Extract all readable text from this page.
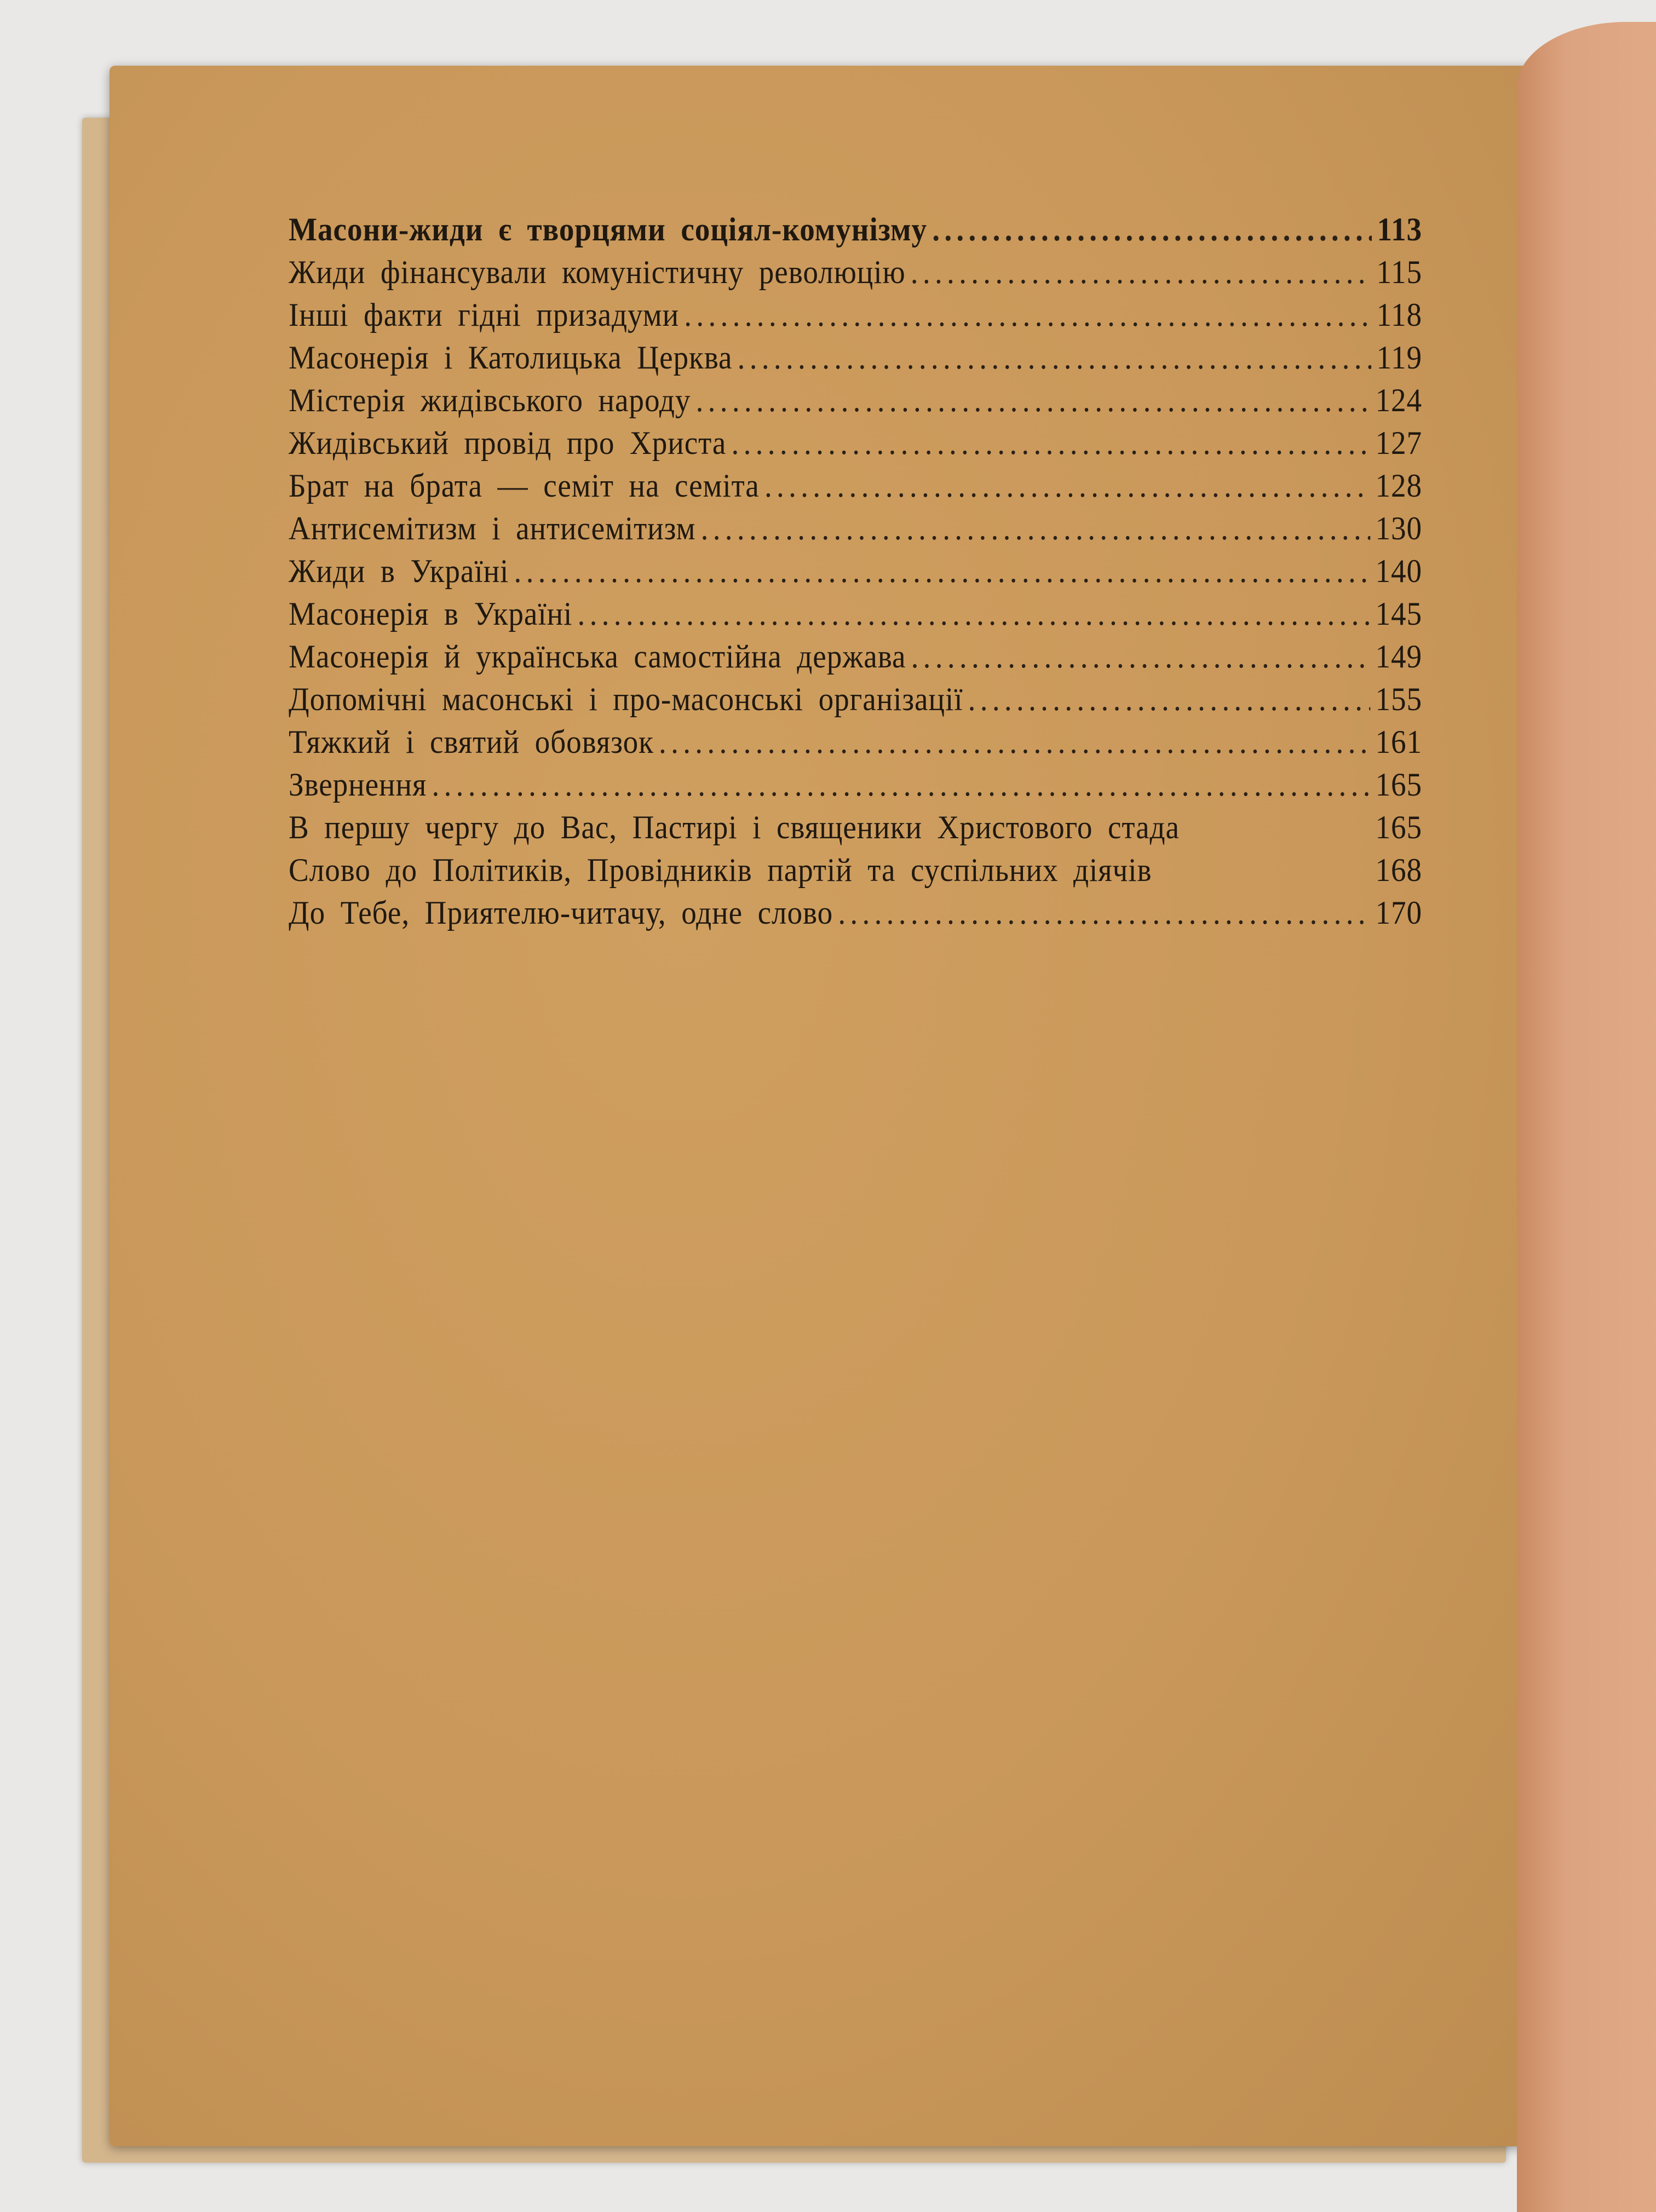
Масони-жиди є творцями соціял-комунізму .....	113
Жиди фінансували комуністичну революцію .....	115
Інші факти гідні призадуми .....	118
Масонерія і Католицька Церква .....	119
Містерія жидівського народу .....	124
Жидівський провід про Христа .....	127
Брат на брата — семіт на семіта .....	128
Антисемітизм і антисемітизм .....	130
Жиди в Україні .....	140
Масонерія в Україні .....	145
Масонерія й українська самостійна держава .....	149
Допомічні масонські і про-масонські організації .....	155
Тяжкий і святий обовязок .....	161
Звернення .....	165
В першу чергу до Вас, Пастирі і священики Христового стада	165
Слово до Політиків, Провідників партій та суспільних діячів	168
До Тебе, Приятелю-читачу, одне слово .....	170
